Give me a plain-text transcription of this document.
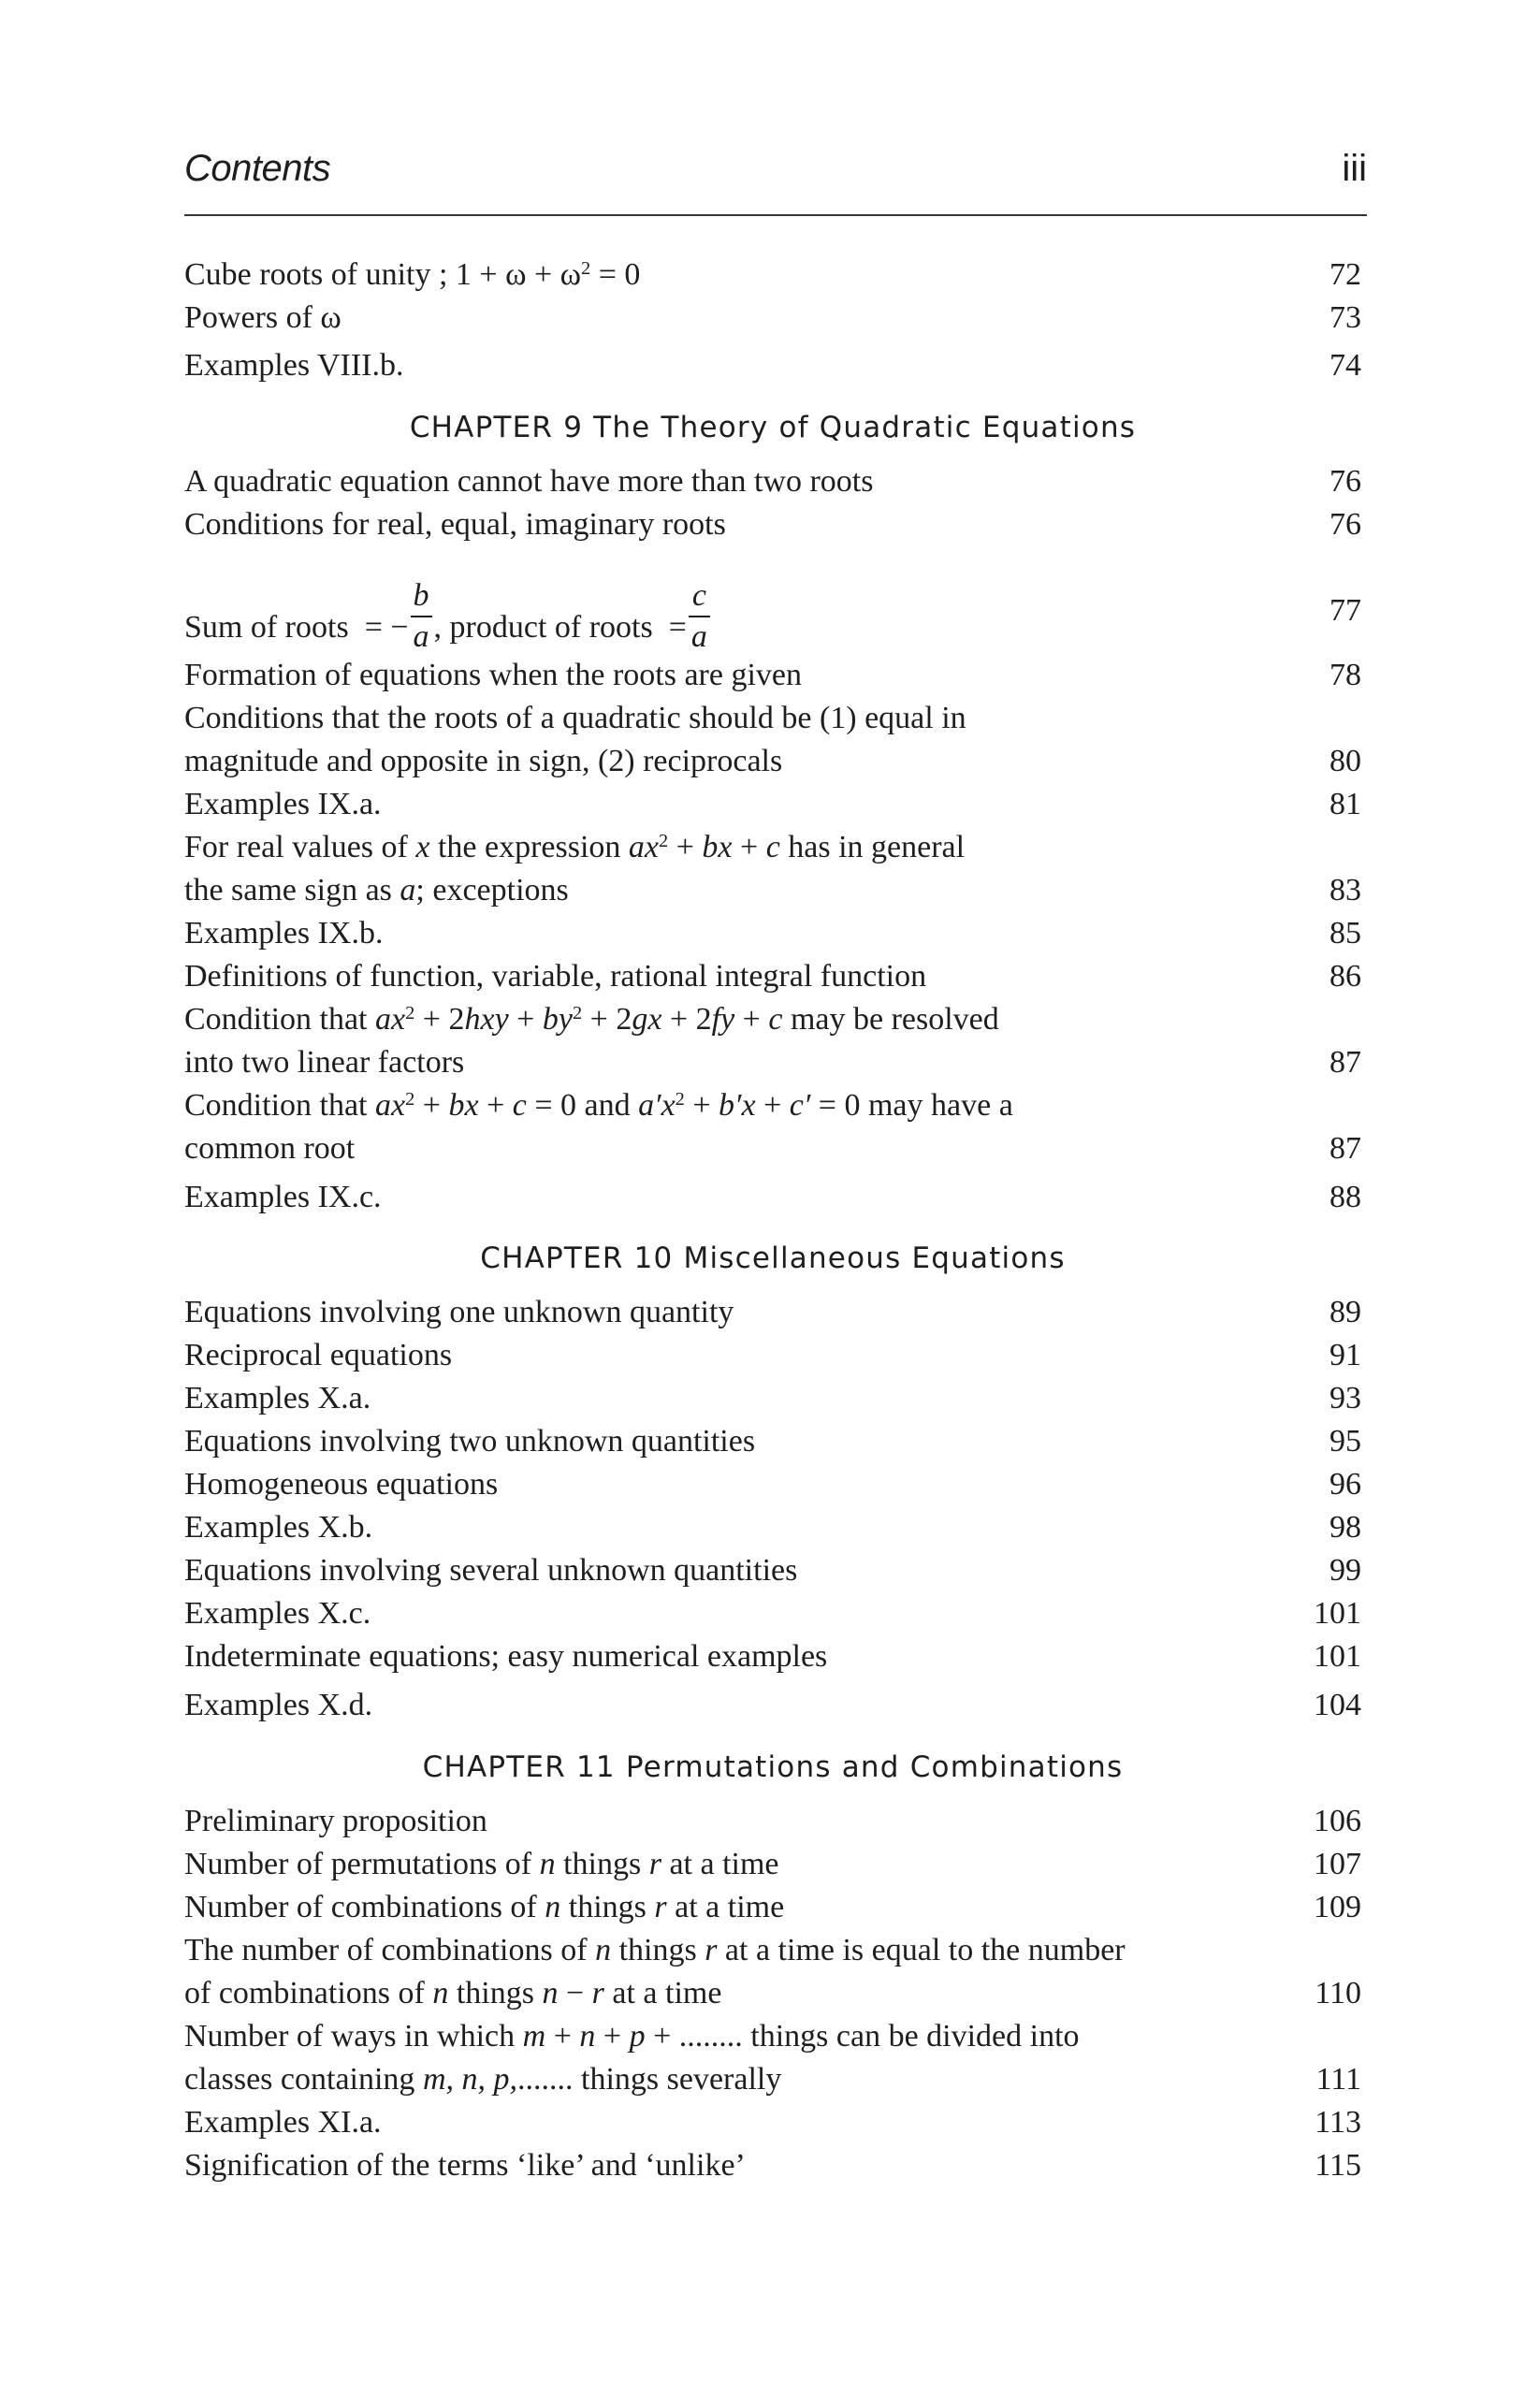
Contents	iii
Cube roots of unity ; $1 + \omega + \omega^2 = 0$	72
Powers of ω	73
Examples VIII.b.	74
CHAPTER 9 The Theory of Quadratic Equations
A quadratic equation cannot have more than two roots	76
Conditions for real, equal, imaginary roots	76
Sum of roots = − $\frac{b}{a}$ , product of roots = $\frac{c}{a}$	77
Formation of equations when the roots are given	78
Conditions that the roots of a quadratic should be (1) equal in
magnitude and opposite in sign, (2) reciprocals	80
Examples IX.a.	81
For real values of x the expression $ax^2$ + bx + c has in general
the same sign as a; exceptions	83
Examples IX.b.	85
Definitions of function, variable, rational integral function	86
Condition that $ax^2 + 2hxy + by^2 + 2gx + 2fy + c$ may be resolved
into two linear factors	87
Condition that $ax^2$ + bx + c = 0 and $a'x^2 + b'x + c' = 0$ may have a
common root	87
Examples IX.c.	88
CHAPTER 10 Miscellaneous Equations
Equations involving one unknown quantity	89
Reciprocal equations	91
Examples X.a.	93
Equations involving two unknown quantities	95
Homogeneous equations	96
Examples X.b.	98
Equations involving several unknown quantities	99
Examples X.c.	101
Indeterminate equations; easy numerical examples	101
Examples X.d.	104
CHAPTER 11 Permutations and Combinations
Preliminary proposition	106
Number of permutations of n things r at a time	107
Number of combinations of n things r at a time	109
The number of combinations of n things r at a time is equal to the number
of combinations of n things n − r at a time	110
Number of ways in which m + n + p + ........ things can be divided into
classes containing m, n, p,....... things severally	111
Examples XI.a.	113
Signification of the terms ‘like’ and ‘unlike’	115
